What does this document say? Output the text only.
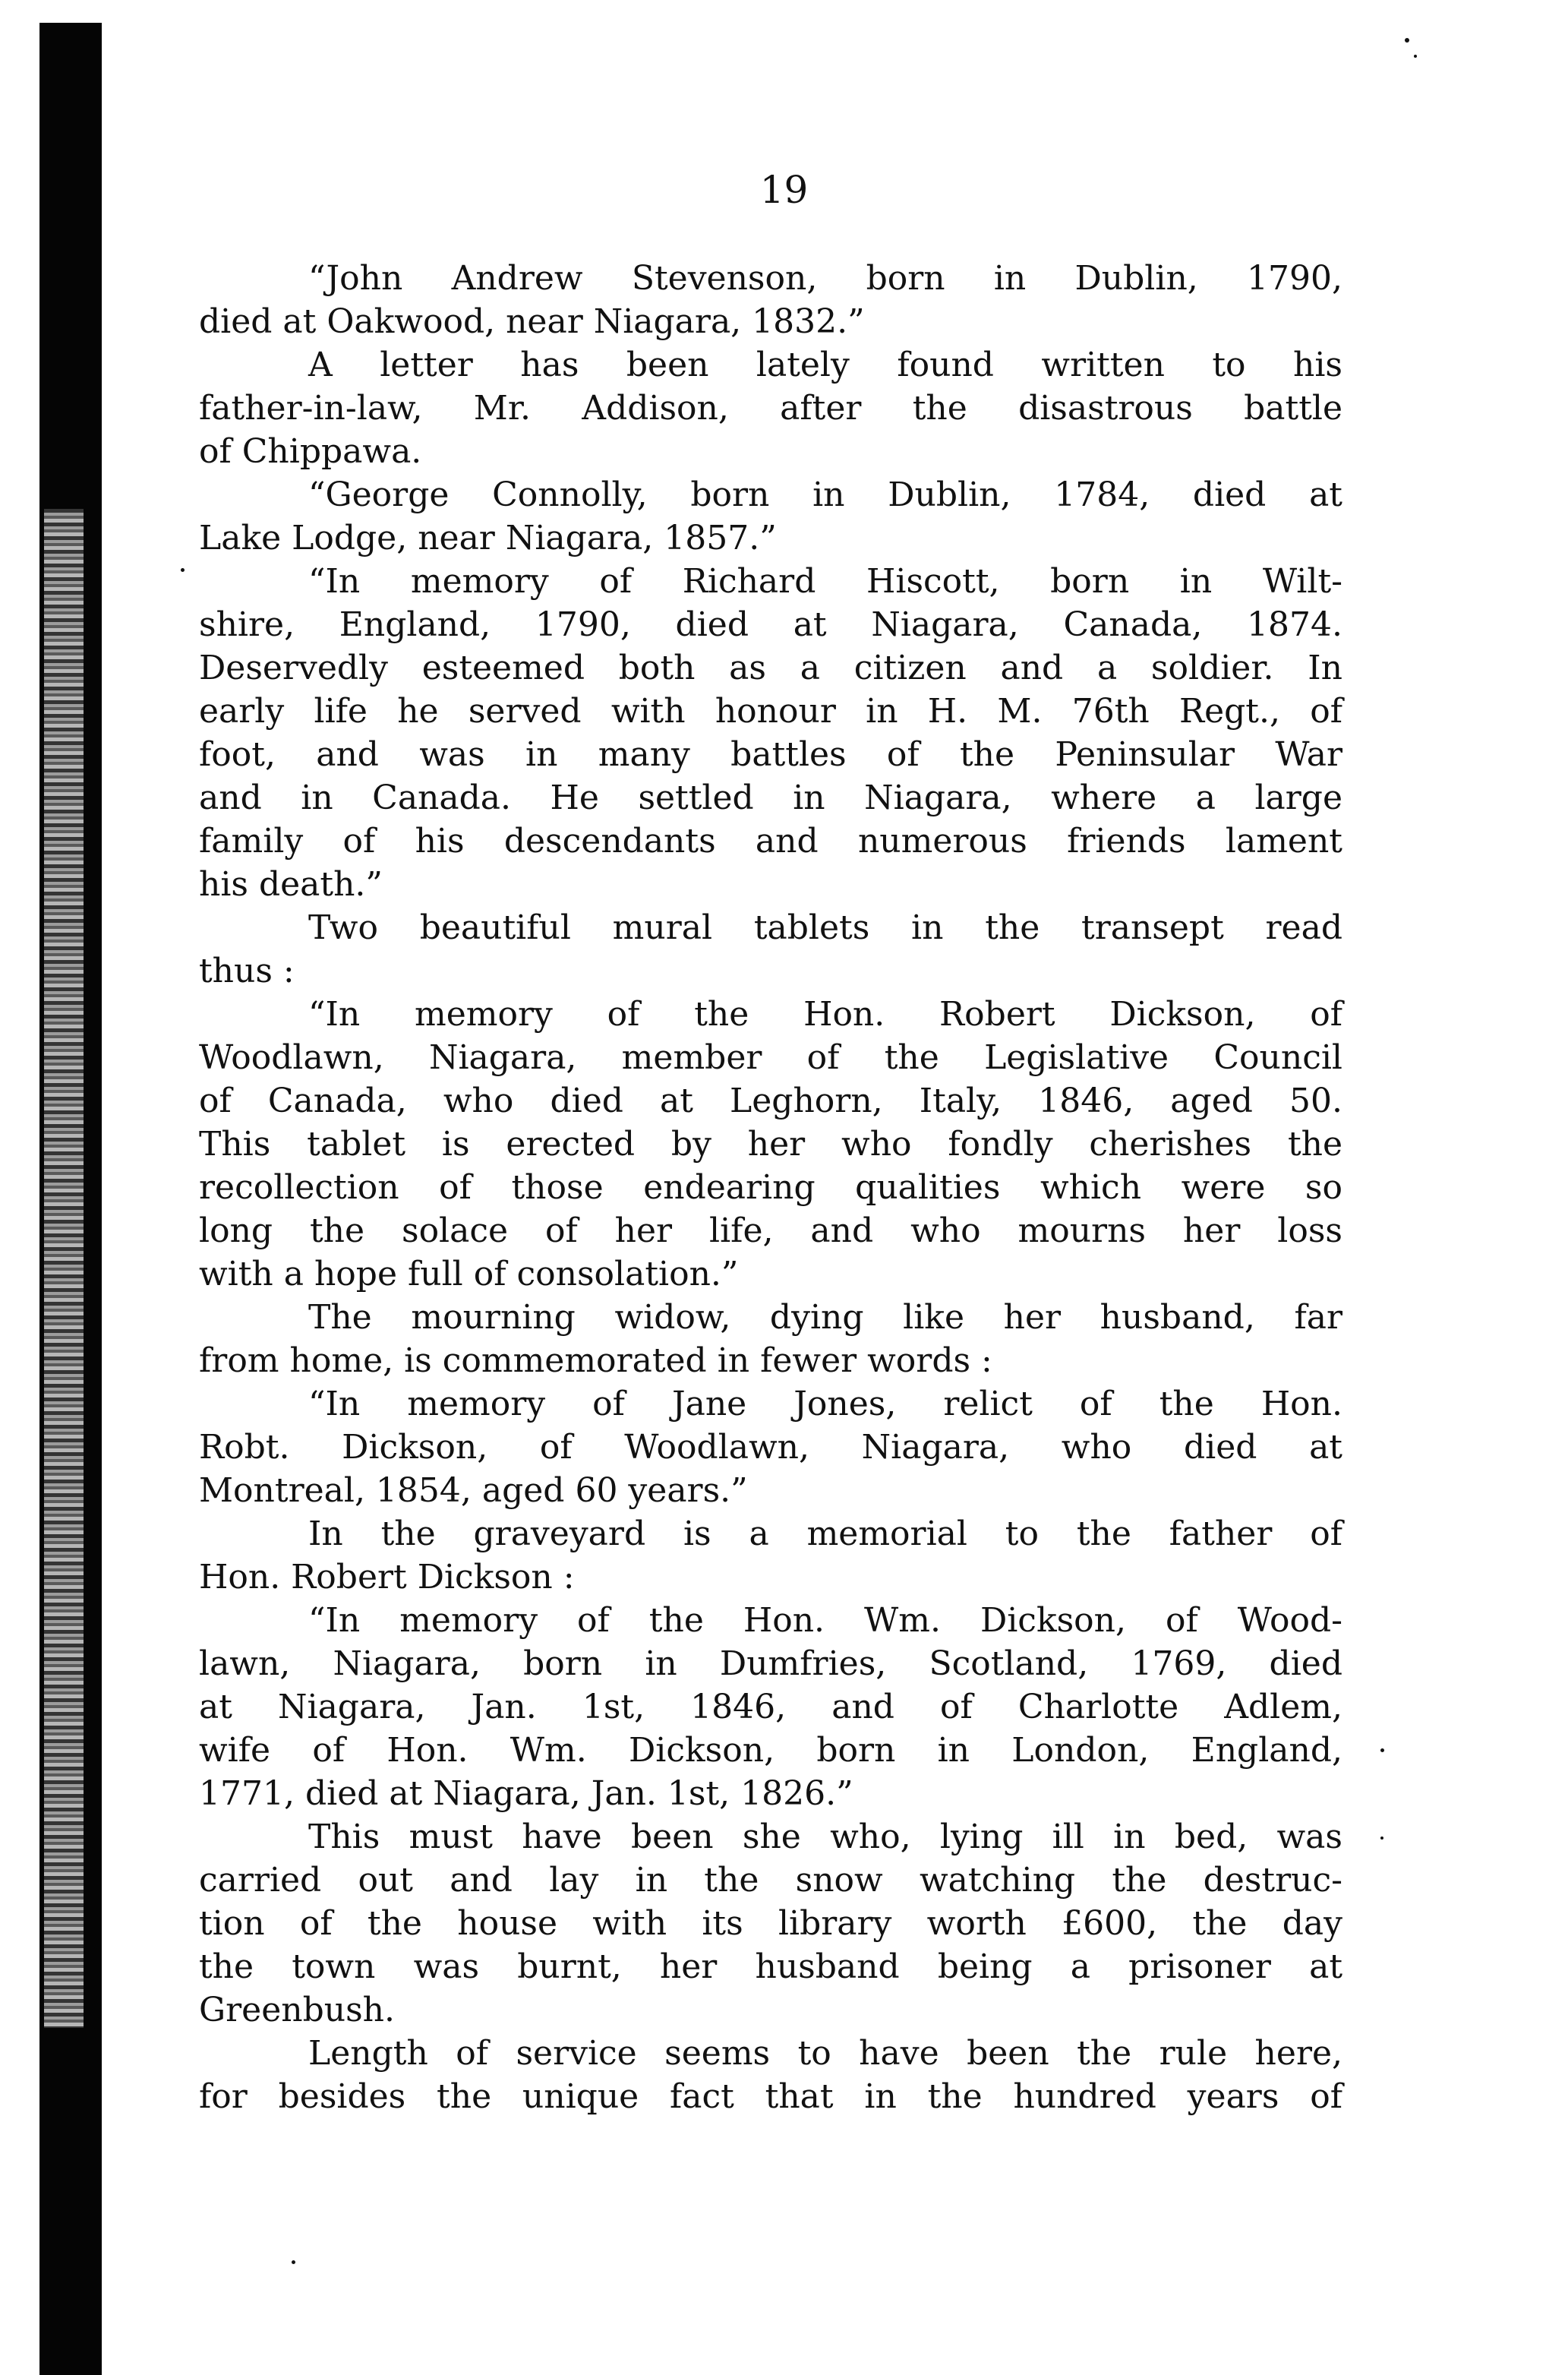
19
“John Andrew Stevenson, born in Dublin, 1790,
died at Oakwood, near Niagara, 1832.”
A letter has been lately found written to his
father-in-law, Mr. Addison, after the disastrous battle
of Chippawa.
“George Connolly, born in Dublin, 1784, died at
Lake Lodge, near Niagara, 1857.”
“In memory of Richard Hiscott, born in Wilt-
shire, England, 1790, died at Niagara, Canada, 1874.
Deservedly esteemed both as a citizen and a soldier. In
early life he served with honour in H. M. 76th Regt., of
foot, and was in many battles of the Peninsular War
and in Canada. He settled in Niagara, where a large
family of his descendants and numerous friends lament
his death.”
Two beautiful mural tablets in the transept read
thus :
“In memory of the Hon. Robert Dickson, of
Woodlawn, Niagara, member of the Legislative Council
of Canada, who died at Leghorn, Italy, 1846, aged 50.
This tablet is erected by her who fondly cherishes the
recollection of those endearing qualities which were so
long the solace of her life, and who mourns her loss
with a hope full of consolation.”
The mourning widow, dying like her husband, far
from home, is commemorated in fewer words :
“In memory of Jane Jones, relict of the Hon.
Robt. Dickson, of Woodlawn, Niagara, who died at
Montreal, 1854, aged 60 years.”
In the graveyard is a memorial to the father of
Hon. Robert Dickson :
“In memory of the Hon. Wm. Dickson, of Wood-
lawn, Niagara, born in Dumfries, Scotland, 1769, died
at Niagara, Jan. 1st, 1846, and of Charlotte Adlem,
wife of Hon. Wm. Dickson, born in London, England,
1771, died at Niagara, Jan. 1st, 1826.”
This must have been she who, lying ill in bed, was
carried out and lay in the snow watching the destruc-
tion of the house with its library worth £600, the day
the town was burnt, her husband being a prisoner at
Greenbush.
Length of service seems to have been the rule here,
for besides the unique fact that in the hundred years of
